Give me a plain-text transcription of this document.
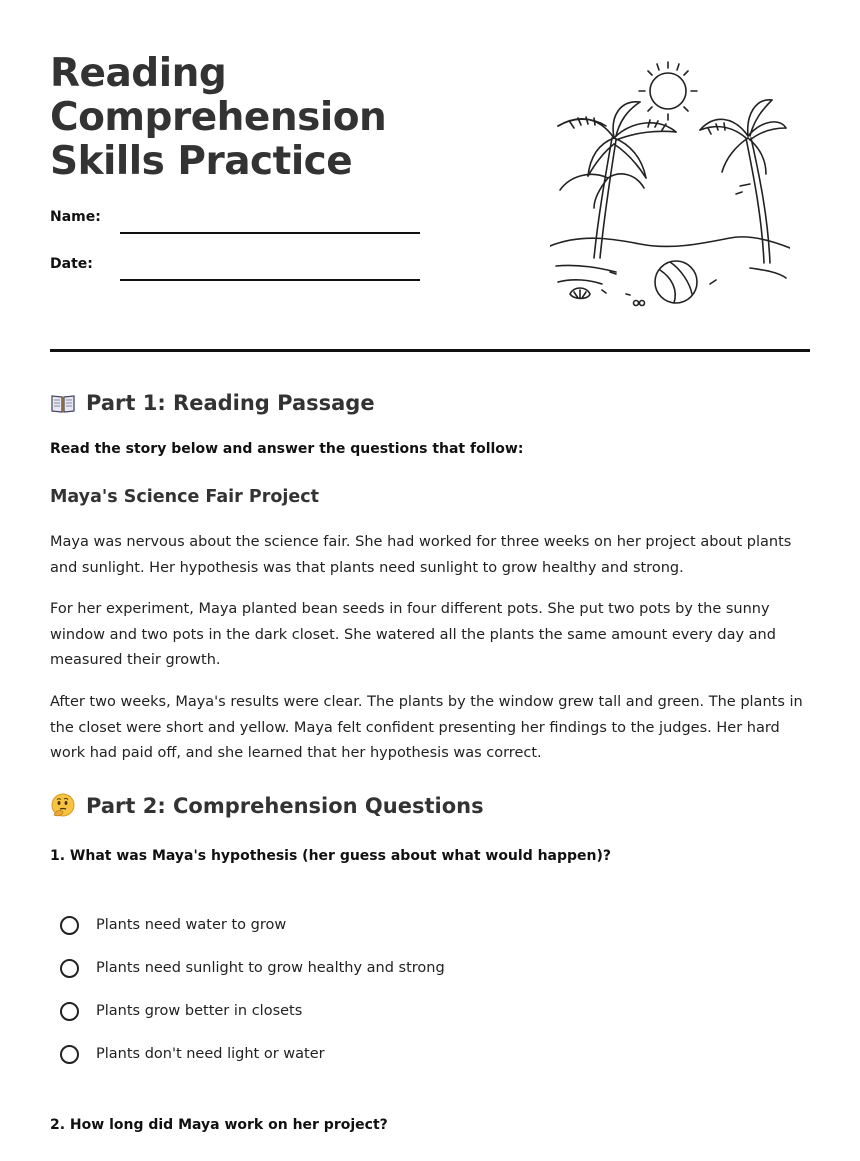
Reading Comprehension Skills Practice
Name:
Date:
Part 1: Reading Passage
Read the story below and answer the questions that follow:
Maya's Science Fair Project

Maya was nervous about the science fair. She had worked for three weeks on her project about plants and sunlight. Her hypothesis was that plants need sunlight to grow healthy and strong.

For her experiment, Maya planted bean seeds in four different pots. She put two pots by the sunny window and two pots in the dark closet. She watered all the plants the same amount every day and measured their growth.

After two weeks, Maya's results were clear. The plants by the window grew tall and green. The plants in the closet were short and yellow. Maya felt confident presenting her findings to the judges. Her hard work had paid off, and she learned that her hypothesis was correct.

Part 2: Comprehension Questions
1. What was Maya's hypothesis (her guess about what would happen)?
Plants need water to grow
Plants need sunlight to grow healthy and strong
Plants grow better in closets
Plants don't need light or water
2. How long did Maya work on her project?
